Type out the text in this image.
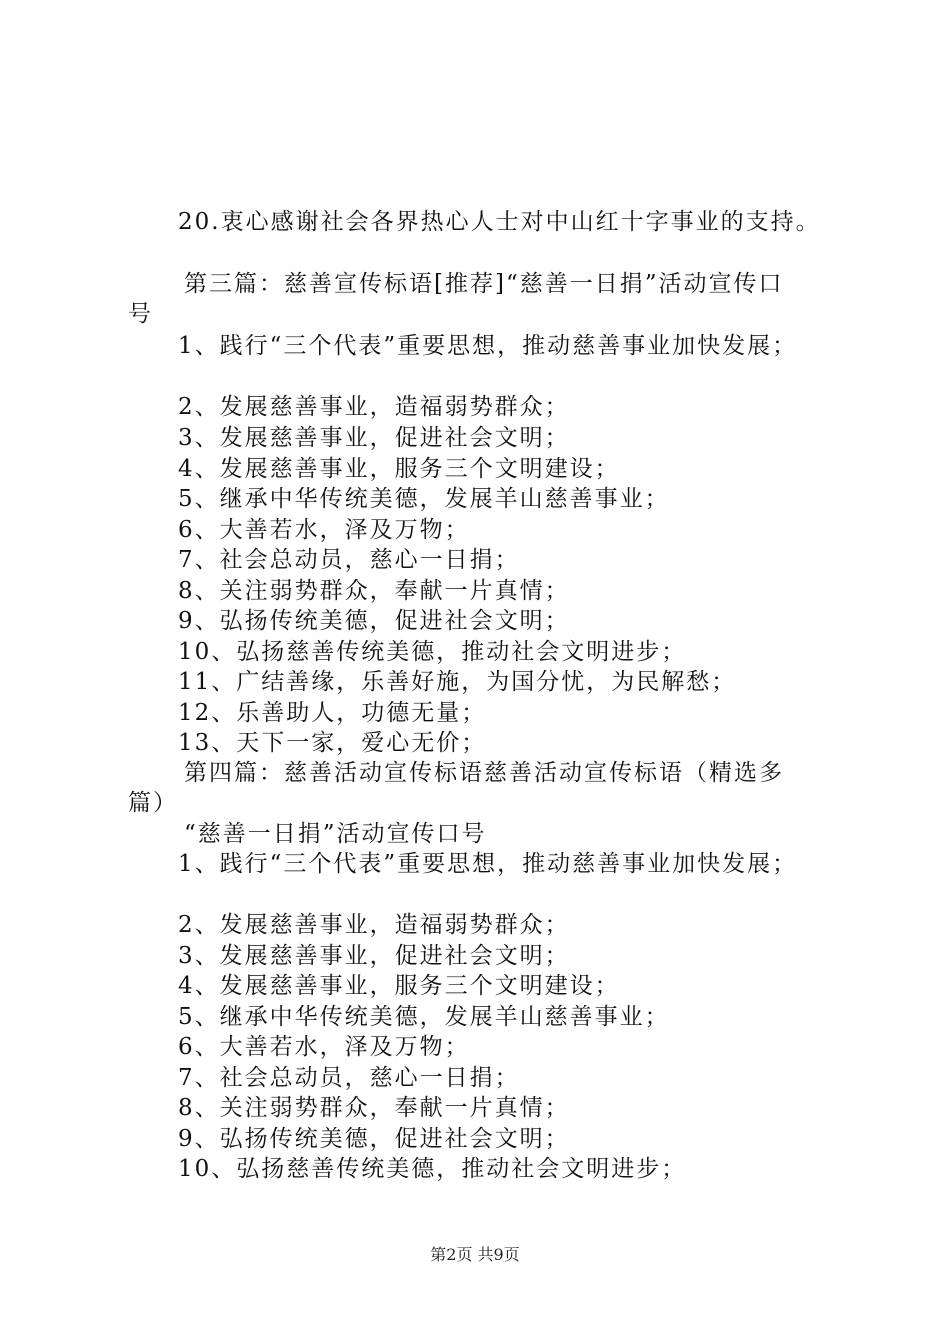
20.衷心感谢社会各界热心人士对中山红十字事业的支持。
第三篇：慈善宣传标语[推荐]“慈善一日捐”活动宣传口
号
1、践行“三个代表”重要思想，推动慈善事业加快发展；
2、发展慈善事业，造福弱势群众；
3、发展慈善事业，促进社会文明；
4、发展慈善事业，服务三个文明建设；
5、继承中华传统美德，发展羊山慈善事业；
6、大善若水，泽及万物；
7、社会总动员，慈心一日捐；
8、关注弱势群众，奉献一片真情；
9、弘扬传统美德，促进社会文明；
10、弘扬慈善传统美德，推动社会文明进步；
11、广结善缘，乐善好施，为国分忧，为民解愁；
12、乐善助人，功德无量；
13、天下一家，爱心无价；
第四篇：慈善活动宣传标语慈善活动宣传标语（精选多
篇）
“慈善一日捐”活动宣传口号
1、践行“三个代表”重要思想，推动慈善事业加快发展；
2、发展慈善事业，造福弱势群众；
3、发展慈善事业，促进社会文明；
4、发展慈善事业，服务三个文明建设；
5、继承中华传统美德，发展羊山慈善事业；
6、大善若水，泽及万物；
7、社会总动员，慈心一日捐；
8、关注弱势群众，奉献一片真情；
9、弘扬传统美德，促进社会文明；
10、弘扬慈善传统美德，推动社会文明进步；
第2页 共9页
